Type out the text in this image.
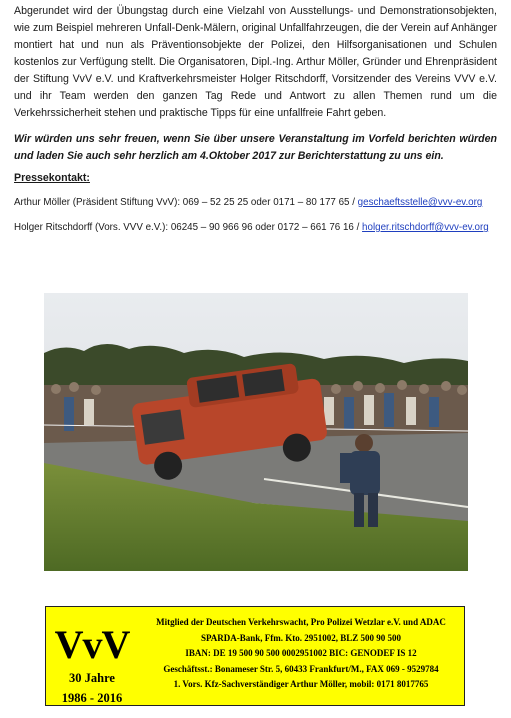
Abgerundet wird der Übungstag durch eine Vielzahl von Ausstellungs- und Demonstrationsobjekten, wie zum Beispiel mehreren Unfall-Denk-Mälern, original Unfallfahrzeugen, die der Verein auf Anhänger montiert hat und nun als Präventionsobjekte der Polizei, den Hilfsorganisationen und Schulen kostenlos zur Verfügung stellt. Die Organisatoren, Dipl.-Ing. Arthur Möller, Gründer und Ehrenpräsident der Stiftung VvV e.V. und Kraftverkehrsmeister Holger Ritschdorff, Vorsitzender des Vereins VVV e.V. und ihr Team werden den ganzen Tag Rede und Antwort zu allen Themen rund um die Verkehrssicherheit stehen und praktische Tipps für eine unfallfreie Fahrt geben.

Wir würden uns sehr freuen, wenn Sie über unsere Veranstaltung im Vorfeld berichten würden und laden Sie auch sehr herzlich am 4.Oktober 2017 zur Berichterstattung zu uns ein.

Pressekontakt:
Arthur Möller (Präsident Stiftung VvV): 069 – 52 25 25 oder 0171 – 80 177 65 / geschaeftsstelle@vvv-ev.org
Holger Ritschdorff (Vors. VVV e.V.): 06245 – 90 966 96 oder 0172 – 661 76 16 / holger.ritschdorff@vvv-ev.org
VvV
30 Jahre
1986 - 2016
Mitglied der Deutschen Verkehrswacht, Pro Polizei Wetzlar e.V. und ADAC
SPARDA-Bank, Ffm. Kto. 2951002, BLZ 500 90 500
IBAN: DE 19 500 90 500 0002951002 BIC: GENODEF IS 12
Geschäftsst.: Bonameser Str. 5, 60433 Frankfurt/M., FAX 069 - 9529784
1. Vors. Kfz-Sachverständiger Arthur Möller, mobil: 0171 8017765
